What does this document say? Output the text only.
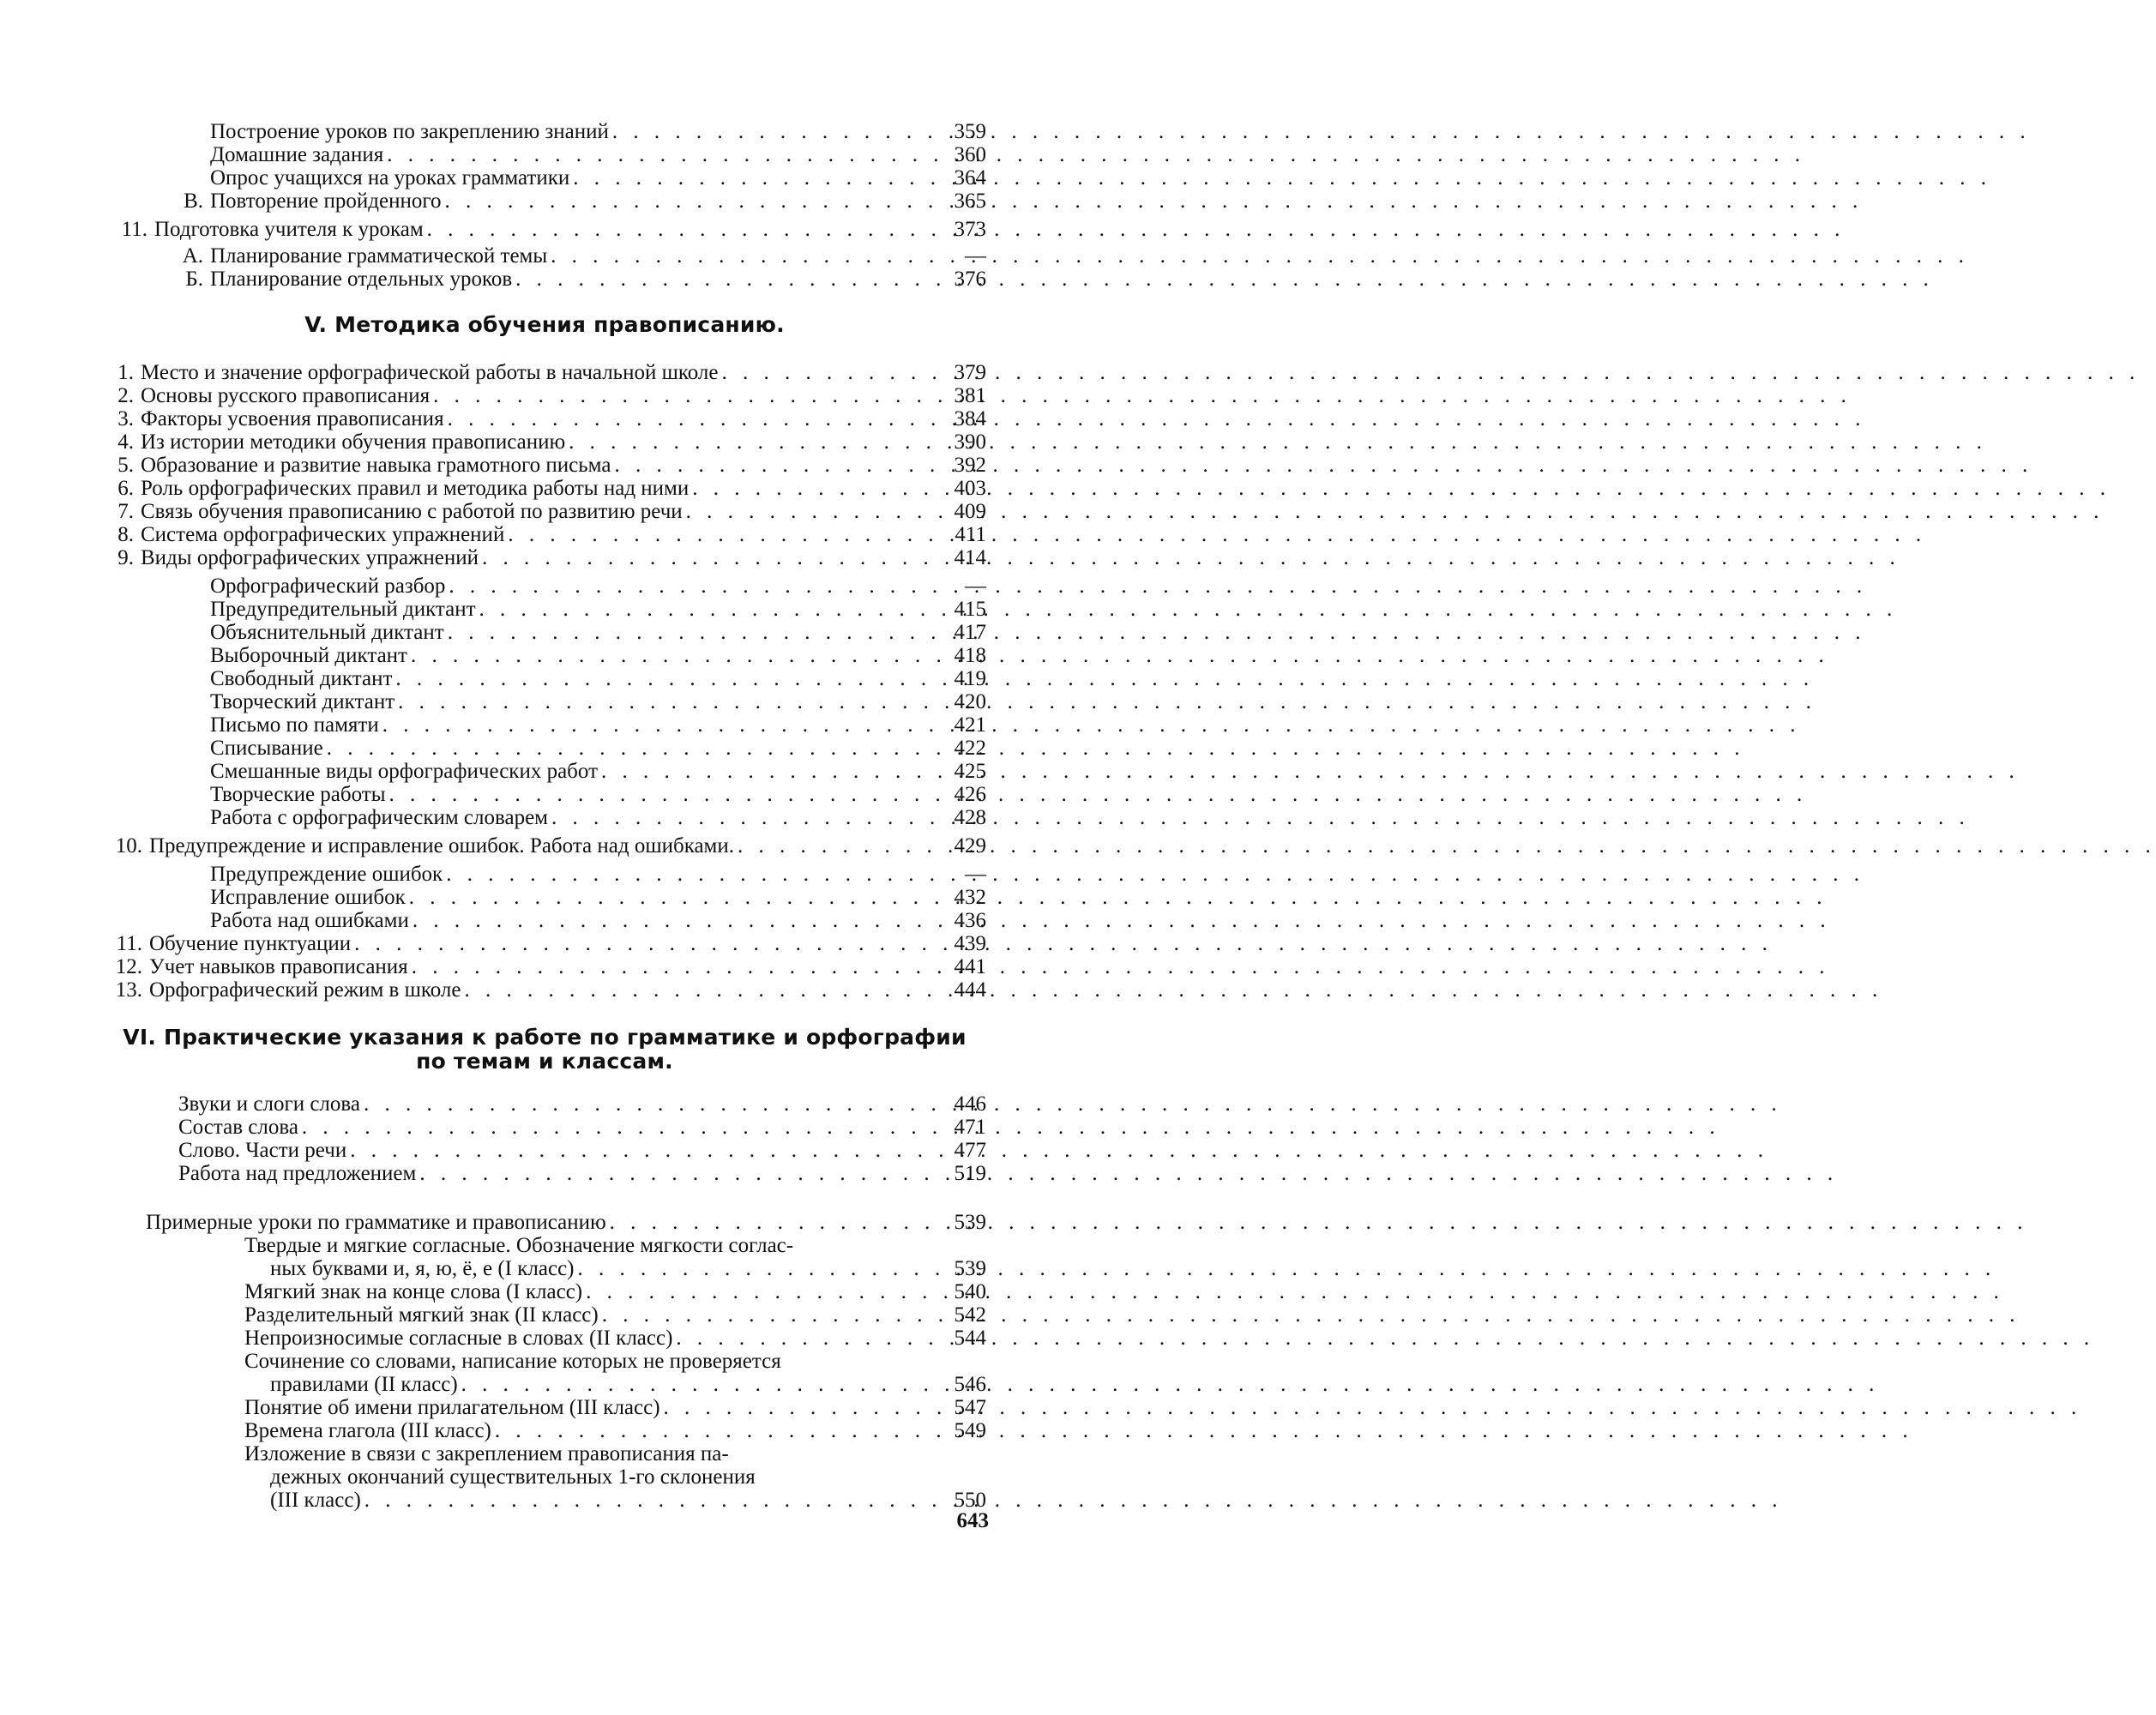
Построение уроков по закреплению знаний . . .	359
Домашние задания . . .	360
Опрос учащихся на уроках грамматики . . .	364
В. Повторение пройденного . . .	365
11. Подготовка учителя к урокам . . .	373
А. Планирование грамматической темы . . .	—
Б. Планирование отдельных уроков . . .	376
V. Методика обучения правописанию.
1. Место и значение орфографической работы в начальной школе . . .	379
2. Основы русского правописания . . .	381
3. Факторы усвоения правописания . . .	384
4. Из истории методики обучения правописанию . . .	390
5. Образование и развитие навыка грамотного письма . . .	392
6. Роль орфографических правил и методика работы над ними . . .	403
7. Связь обучения правописанию с работой по развитию речи . . .	409
8. Система орфографических упражнений . . .	411
9. Виды орфографических упражнений . . .	414
Орфографический разбор . . .	—
Предупредительный диктант . . .	415
Объяснительный диктант . . .	417
Выборочный диктант . . .	418
Свободный диктант . . .	419
Творческий диктант . . .	420
Письмо по памяти . . .	421
Списывание . . .	422
Смешанные виды орфографических работ . . .	425
Творческие работы . . .	426
Работа с орфографическим словарем . . .	428
10. Предупреждение и исправление ошибок. Работа над ошибками. . . .	429
Предупреждение ошибок . . .	—
Исправление ошибок . . .	432
Работа над ошибками . . .	436
11. Обучение пунктуации . . .	439
12. Учет навыков правописания . . .	441
13. Орфографический режим в школе . . .	444
VI. Практические указания к работе по грамматике и орфографии
по темам и классам.
Звуки и слоги слова . . .	446
Состав слова . . .	471
Слово. Части речи . . .	477
Работа над предложением . . .	519
Примерные уроки по грамматике и правописанию . . .	539
Твердые и мягкие согласные. Обозначение мягкости соглас-
ных буквами и, я, ю, ё, е (I класс) . . .	539
Мягкий знак на конце слова (I класс) . . .	540
Разделительный мягкий знак (II класс) . . .	542
Непроизносимые согласные в словах (II класс) . . .	544
Сочинение со словами, написание которых не проверяется
правилами (II класс) . . .	546
Понятие об имени прилагательном (III класс) . . .	547
Времена глагола (III класс) . . .	549
Изложение в связи с закреплением правописания па-
дежных окончаний существительных 1-го склонения
(III класс) . . .	550
643
